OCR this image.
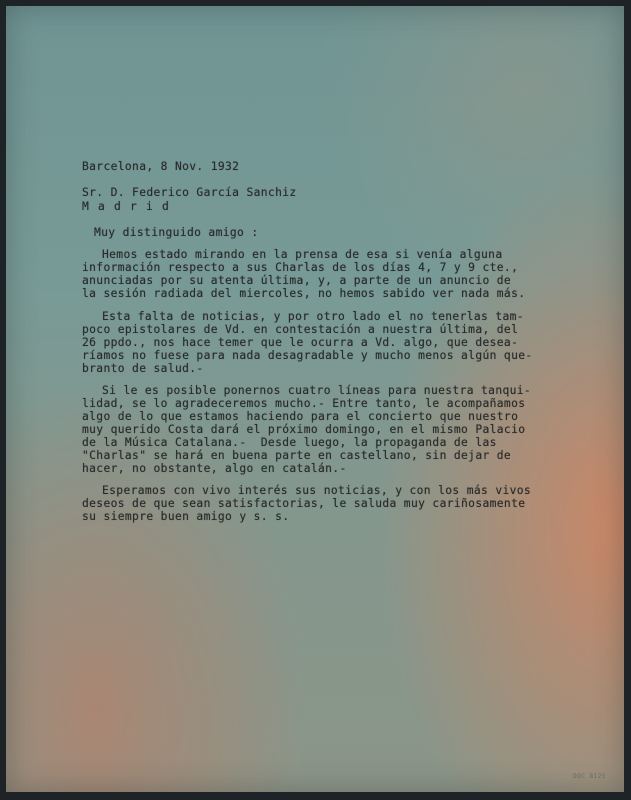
Barcelona, 8 Nov. 1932
Sr. D. Federico García Sanchiz
M a d r i d
Muy distinguido amigo :
Hemos estado mirando en la prensa de esa si venía alguna
información respecto a sus Charlas de los días 4, 7 y 9 cte.,
anunciadas por su atenta última, y, a parte de un anuncio de
la sesión radiada del miercoles, no hemos sabido ver nada más.
Esta falta de noticias, y por otro lado el no tenerlas tam-
poco epistolares de Vd. en contestación a nuestra última, del
26 ppdo., nos hace temer que le ocurra a Vd. algo, que desea-
ríamos no fuese para nada desagradable y mucho menos algún que-
branto de salud.-
Si le es posible ponernos cuatro líneas para nuestra tanqui-
lidad, se lo agradeceremos mucho.- Entre tanto, le acompañamos
algo de lo que estamos haciendo para el concierto que nuestro
muy querido Costa dará el próximo domingo, en el mismo Palacio
de la Música Catalana.-  Desde luego, la propaganda de las
"Charlas" se hará en buena parte en castellano, sin dejar de
hacer, no obstante, algo en catalán.-
Esperamos con vivo interés sus noticias, y con los más vivos
deseos de que sean satisfactorias, le saluda muy cariñosamente
su siempre buen amigo y s. s.
DOC 8125
